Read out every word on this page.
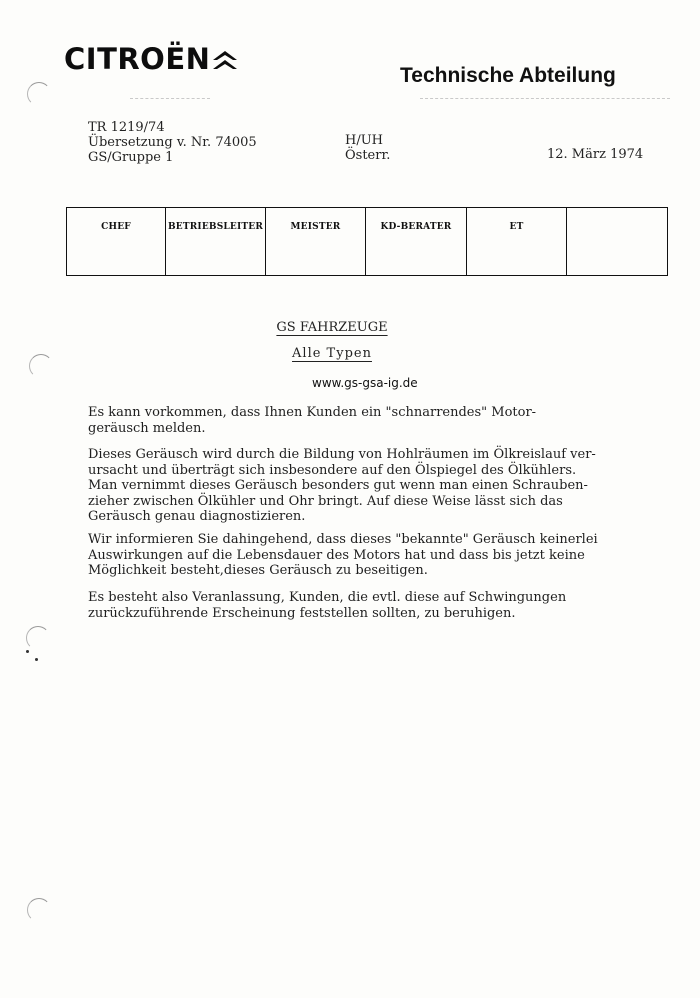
CITROËN	Technische Abteilung
TR 1219/74
Übersetzung v. Nr. 74005
GS/Gruppe 1
H/UH
Österr.	12. März 1974
CHEF	BETRIEBSLEITER	MEISTER	KD-BERATER	ET
GS FAHRZEUGE
Alle Typen
www.gs-gsa-ig.de
Es kann vorkommen, dass Ihnen Kunden ein "schnarrendes" Motor-
geräusch melden.
Dieses Geräusch wird durch die Bildung von Hohlräumen im Ölkreislauf ver-
ursacht und überträgt sich insbesondere auf den Ölspiegel des Ölkühlers.
Man vernimmt dieses Geräusch besonders gut wenn man einen Schrauben-
zieher zwischen Ölkühler und Ohr bringt. Auf diese Weise lässt sich das
Geräusch genau diagnostizieren.
Wir informieren Sie dahingehend, dass dieses "bekannte" Geräusch keinerlei
Auswirkungen auf die Lebensdauer des Motors hat und dass bis jetzt keine
Möglichkeit besteht,dieses Geräusch zu beseitigen.
Es besteht also Veranlassung, Kunden, die evtl. diese auf Schwingungen
zurückzuführende Erscheinung feststellen sollten, zu beruhigen.
